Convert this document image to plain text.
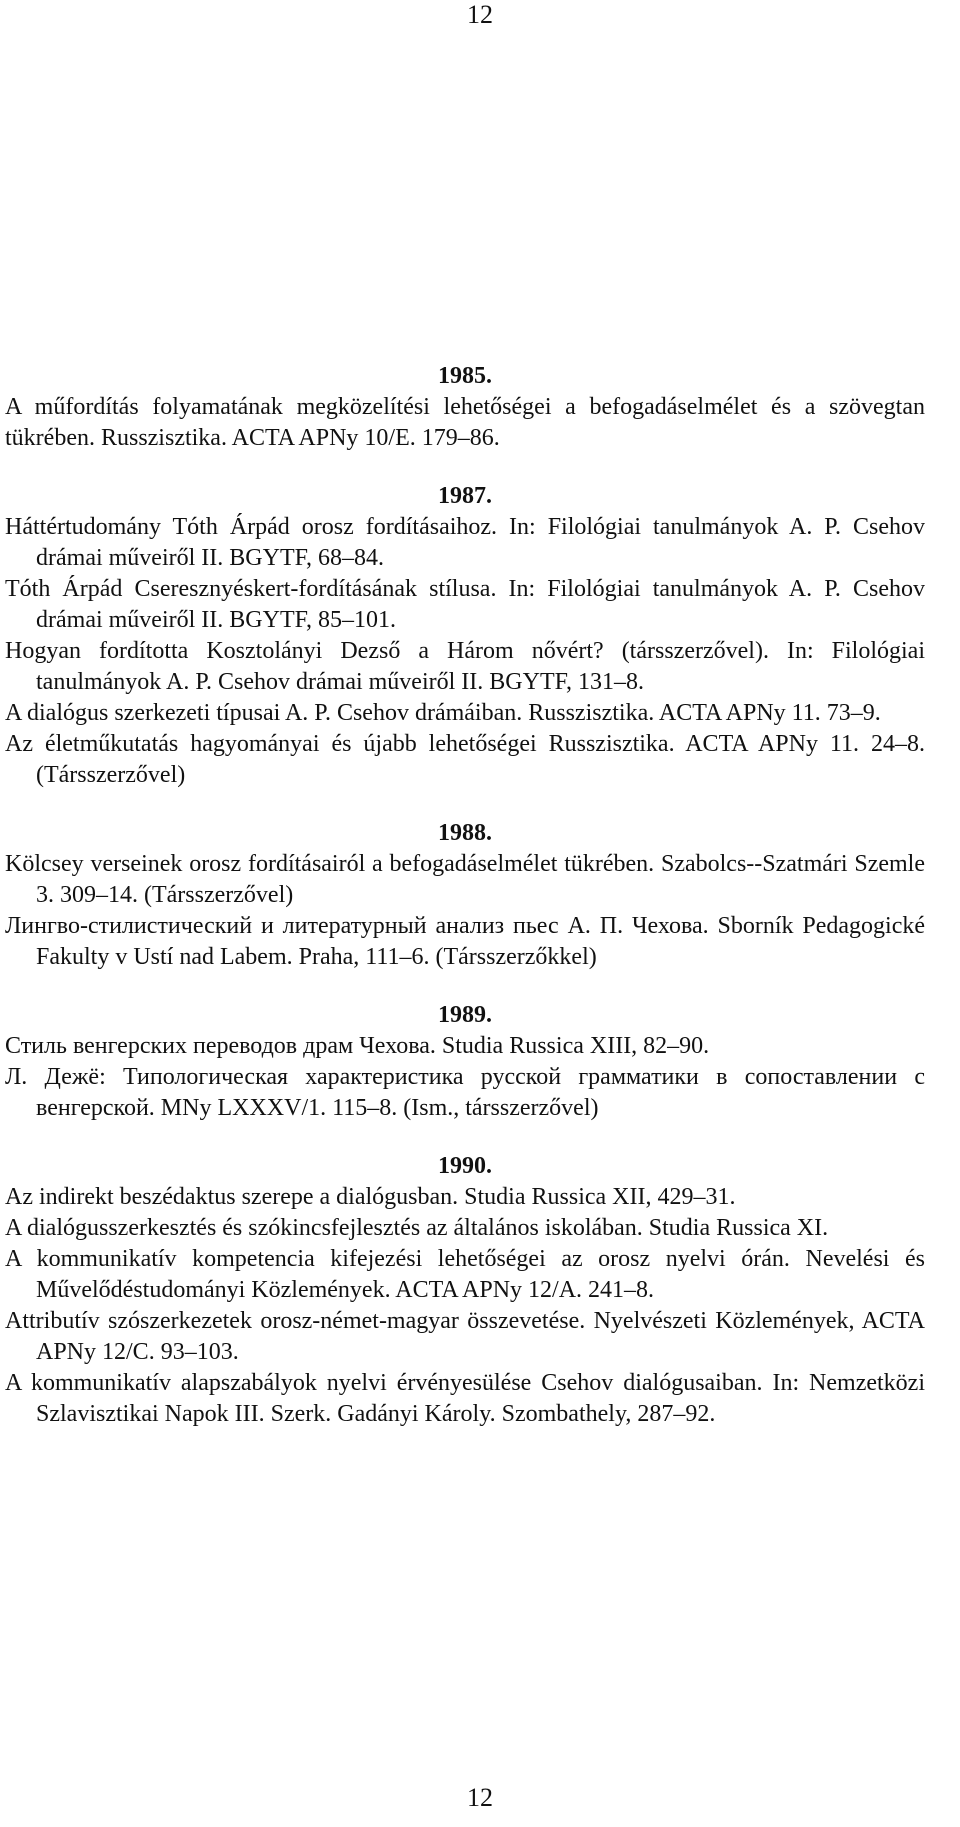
12
1985.
A műfordítás folyamatának megközelítési lehetőségei a befogadáselmélet és a szövegtan tükrében. Russzisztika. ACTA APNy 10/E. 179–86.
1987.
Háttértudomány Tóth Árpád orosz fordításaihoz. In: Filológiai tanulmányok A. P. Csehov drámai műveiről II. BGYTF, 68–84.
Tóth Árpád Cseresznyéskert-fordításának stílusa. In: Filológiai tanulmányok A. P. Csehov drámai műveiről II. BGYTF, 85–101.
Hogyan fordította Kosztolányi Dezső a Három nővért? (társszerzővel). In: Filológiai tanulmányok A. P. Csehov drámai műveiről II. BGYTF, 131–8.
A dialógus szerkezeti típusai A. P. Csehov drámáiban. Russzisztika. ACTA APNy 11. 73–9.
Az életműkutatás hagyományai és újabb lehetőségei Russzisztika. ACTA APNy 11. 24–8. (Társszerzővel)
1988.
Kölcsey verseinek orosz fordításairól a befogadáselmélet tükrében. Szabolcs--Szatmári Szemle 3. 309–14. (Társszerzővel)
Лингво-стилистический и литературный анализ пьес А. П. Чехова. Sborník Pedagogické Fakulty v Ustí nad Labem. Praha, 111–6. (Társszerzőkkel)
1989.
Стиль венгерских переводов драм Чехова. Studia Russica XIII, 82–90.
Л. Дежё: Типологическая характеристика русской грамматики в сопоставлении с венгерской. MNy LXXXV/1. 115–8. (Ism., társszerzővel)
1990.
Az indirekt beszédaktus szerepe a dialógusban. Studia Russica XII, 429–31.
A dialógusszerkesztés és szókincsfejlesztés az általános iskolában. Studia Russica XI.
A kommunikatív kompetencia kifejezési lehetőségei az orosz nyelvi órán. Nevelési és Művelődéstudományi Közlemények. ACTA APNy 12/A. 241–8.
Attributív szószerkezetek orosz-német-magyar összevetése. Nyelvészeti Közlemények, ACTA APNy 12/C. 93–103.
A kommunikatív alapszabályok nyelvi érvényesülése Csehov dialógusaiban. In: Nemzetközi Szlavisztikai Napok III. Szerk. Gadányi Károly. Szombathely, 287–92.
12
